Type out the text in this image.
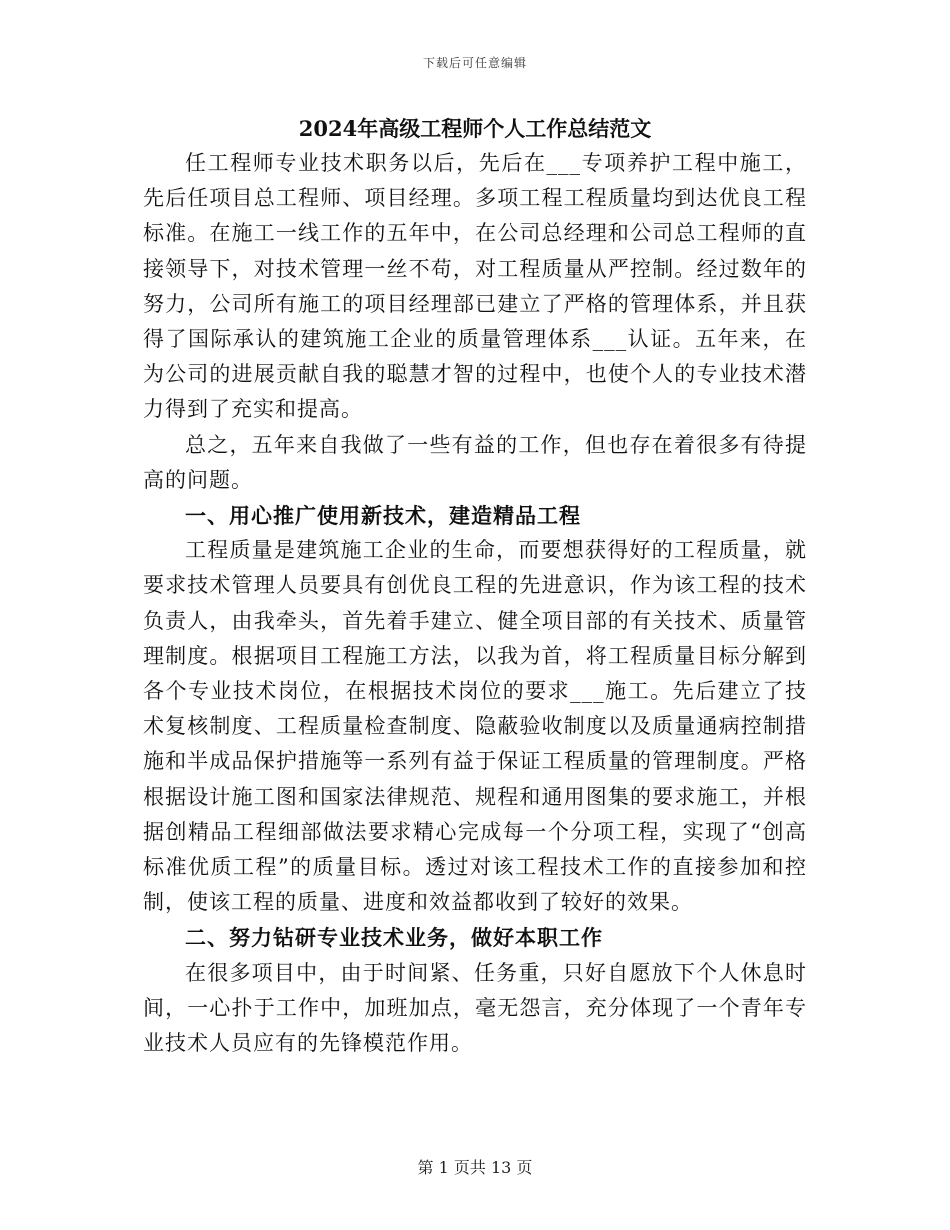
下载后可任意编辑
2024年高级工程师个人工作总结范文

任工程师专业技术职务以后，先后在___专项养护工程中施工，先后任项目总工程师、项目经理。多项工程工程质量均到达优良工程标准。在施工一线工作的五年中，在公司总经理和公司总工程师的直接领导下，对技术管理一丝不苟，对工程质量从严控制。经过数年的努力，公司所有施工的项目经理部已建立了严格的管理体系，并且获得了国际承认的建筑施工企业的质量管理体系___认证。五年来，在为公司的进展贡献自我的聪慧才智的过程中，也使个人的专业技术潜力得到了充实和提高。

总之，五年来自我做了一些有益的工作，但也存在着很多有待提高的问题。

一、用心推广使用新技术，建造精品工程

工程质量是建筑施工企业的生命，而要想获得好的工程质量，就要求技术管理人员要具有创优良工程的先进意识，作为该工程的技术负责人，由我牵头，首先着手建立、健全项目部的有关技术、质量管理制度。根据项目工程施工方法，以我为首，将工程质量目标分解到各个专业技术岗位，在根据技术岗位的要求___施工。先后建立了技术复核制度、工程质量检查制度、隐蔽验收制度以及质量通病控制措施和半成品保护措施等一系列有益于保证工程质量的管理制度。严格根据设计施工图和国家法律规范、规程和通用图集的要求施工，并根据创精品工程细部做法要求精心完成每一个分项工程，实现了“创高标准优质工程”的质量目标。透过对该工程技术工作的直接参加和控制，使该工程的质量、进度和效益都收到了较好的效果。

二、努力钻研专业技术业务，做好本职工作

在很多项目中，由于时间紧、任务重，只好自愿放下个人休息时间，一心扑于工作中，加班加点，毫无怨言，充分体现了一个青年专业技术人员应有的先锋模范作用。

第 1 页共 13 页
